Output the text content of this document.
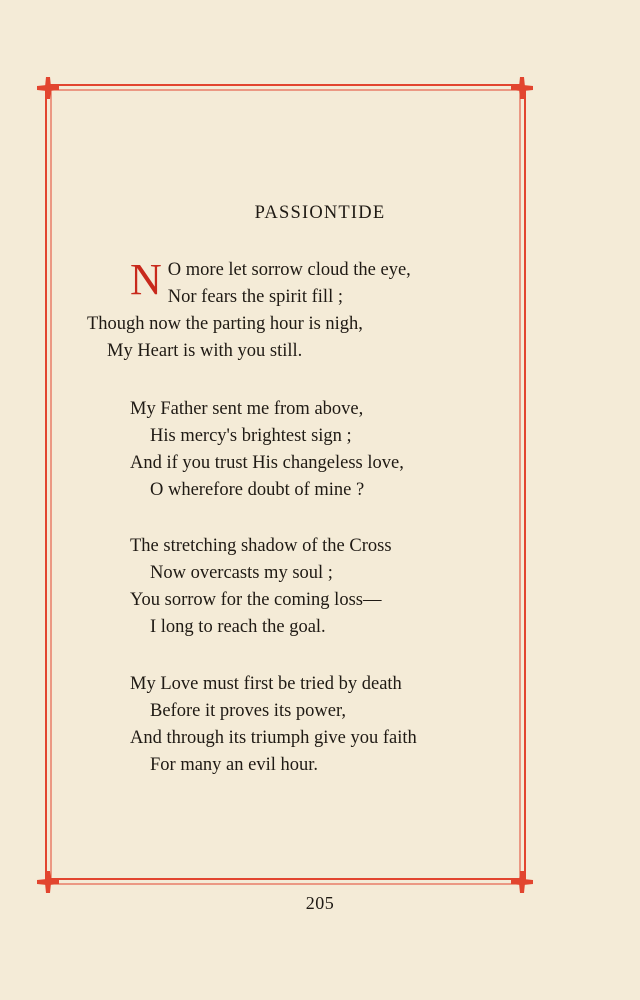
PASSIONTIDE
N O more let sorrow cloud the eye,
Nor fears the spirit fill ;
Though now the parting hour is nigh,
My Heart is with you still.
My Father sent me from above,
His mercy's brightest sign ;
And if you trust His changeless love,
O wherefore doubt of mine ?
The stretching shadow of the Cross
Now overcasts my soul ;
You sorrow for the coming loss—
I long to reach the goal.
My Love must first be tried by death
Before it proves its power,
And through its triumph give you faith
For many an evil hour.
205
